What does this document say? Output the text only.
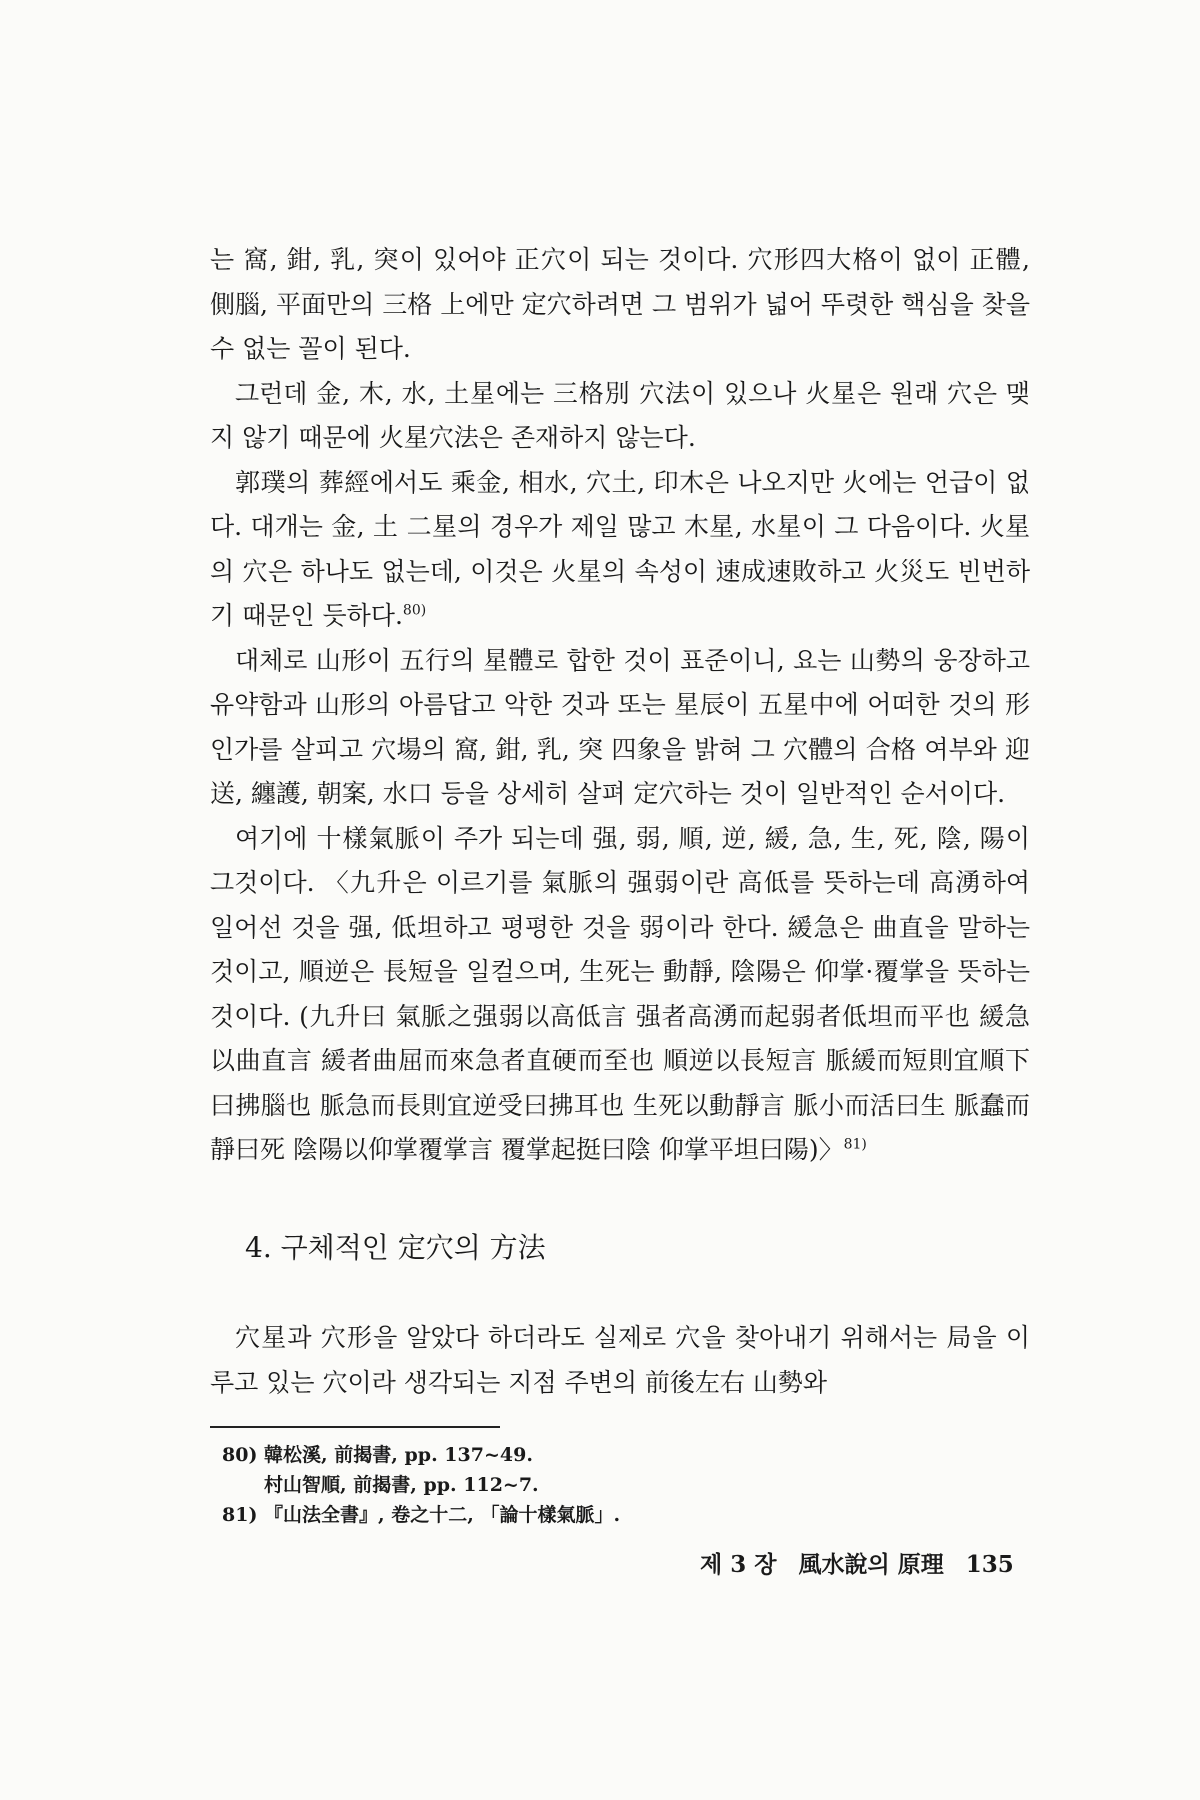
는 窩, 鉗, 乳, 突이 있어야 正穴이 되는 것이다. 穴形四大格이 없이 正體, 側腦, 平面만의 三格 上에만 定穴하려면 그 범위가 넓어 뚜렷한 핵심을 찾을 수 없는 꼴이 된다.

그런데 金, 木, 水, 土星에는 三格別 穴法이 있으나 火星은 원래 穴은 맺지 않기 때문에 火星穴法은 존재하지 않는다.

郭璞의 葬經에서도 乘金, 相水, 穴土, 印木은 나오지만 火에는 언급이 없다. 대개는 金, 土 二星의 경우가 제일 많고 木星, 水星이 그 다음이다. 火星의 穴은 하나도 없는데, 이것은 火星의 속성이 速成速敗하고 火災도 빈번하기 때문인 듯하다.$^{80)}$

대체로 山形이 五行의 星體로 합한 것이 표준이니, 요는 山勢의 웅장하고 유약함과 山形의 아름답고 악한 것과 또는 星辰이 五星中에 어떠한 것의 形인가를 살피고 穴場의 窩, 鉗, 乳, 突 四象을 밝혀 그 穴體의 合格 여부와 迎送, 纏護, 朝案, 水口 등을 상세히 살펴 定穴하는 것이 일반적인 순서이다.

여기에 十樣氣脈이 주가 되는데 强, 弱, 順, 逆, 緩, 急, 生, 死, 陰, 陽이 그것이다. 〈九升은 이르기를 氣脈의 强弱이란 高低를 뜻하는데 高湧하여 일어선 것을 强, 低坦하고 평평한 것을 弱이라 한다. 緩急은 曲直을 말하는 것이고, 順逆은 長短을 일컬으며, 生死는 動靜, 陰陽은 仰掌·覆掌을 뜻하는 것이다. (九升曰 氣脈之强弱以高低言 强者高湧而起弱者低坦而平也 緩急以曲直言 緩者曲屈而來急者直硬而至也 順逆以長短言 脈緩而短則宜順下曰拂腦也 脈急而長則宜逆受曰拂耳也 生死以動靜言 脈小而活曰生 脈蠢而靜曰死 陰陽以仰掌覆掌言 覆掌起挺曰陰 仰掌平坦曰陽)〉$^{81)}$

4. 구체적인 定穴의 方法

穴星과 穴形을 알았다 하더라도 실제로 穴을 찾아내기 위해서는 局을 이루고 있는 穴이라 생각되는 지점 주변의 前後左右 山勢와

80) 韓松溪, 前揭書, pp. 137~49.

村山智順, 前揭書, pp. 112~7.

81) 『山法全書』, 卷之十二, 「論十樣氣脈」.

제 3 장 風水說의 原理 135
